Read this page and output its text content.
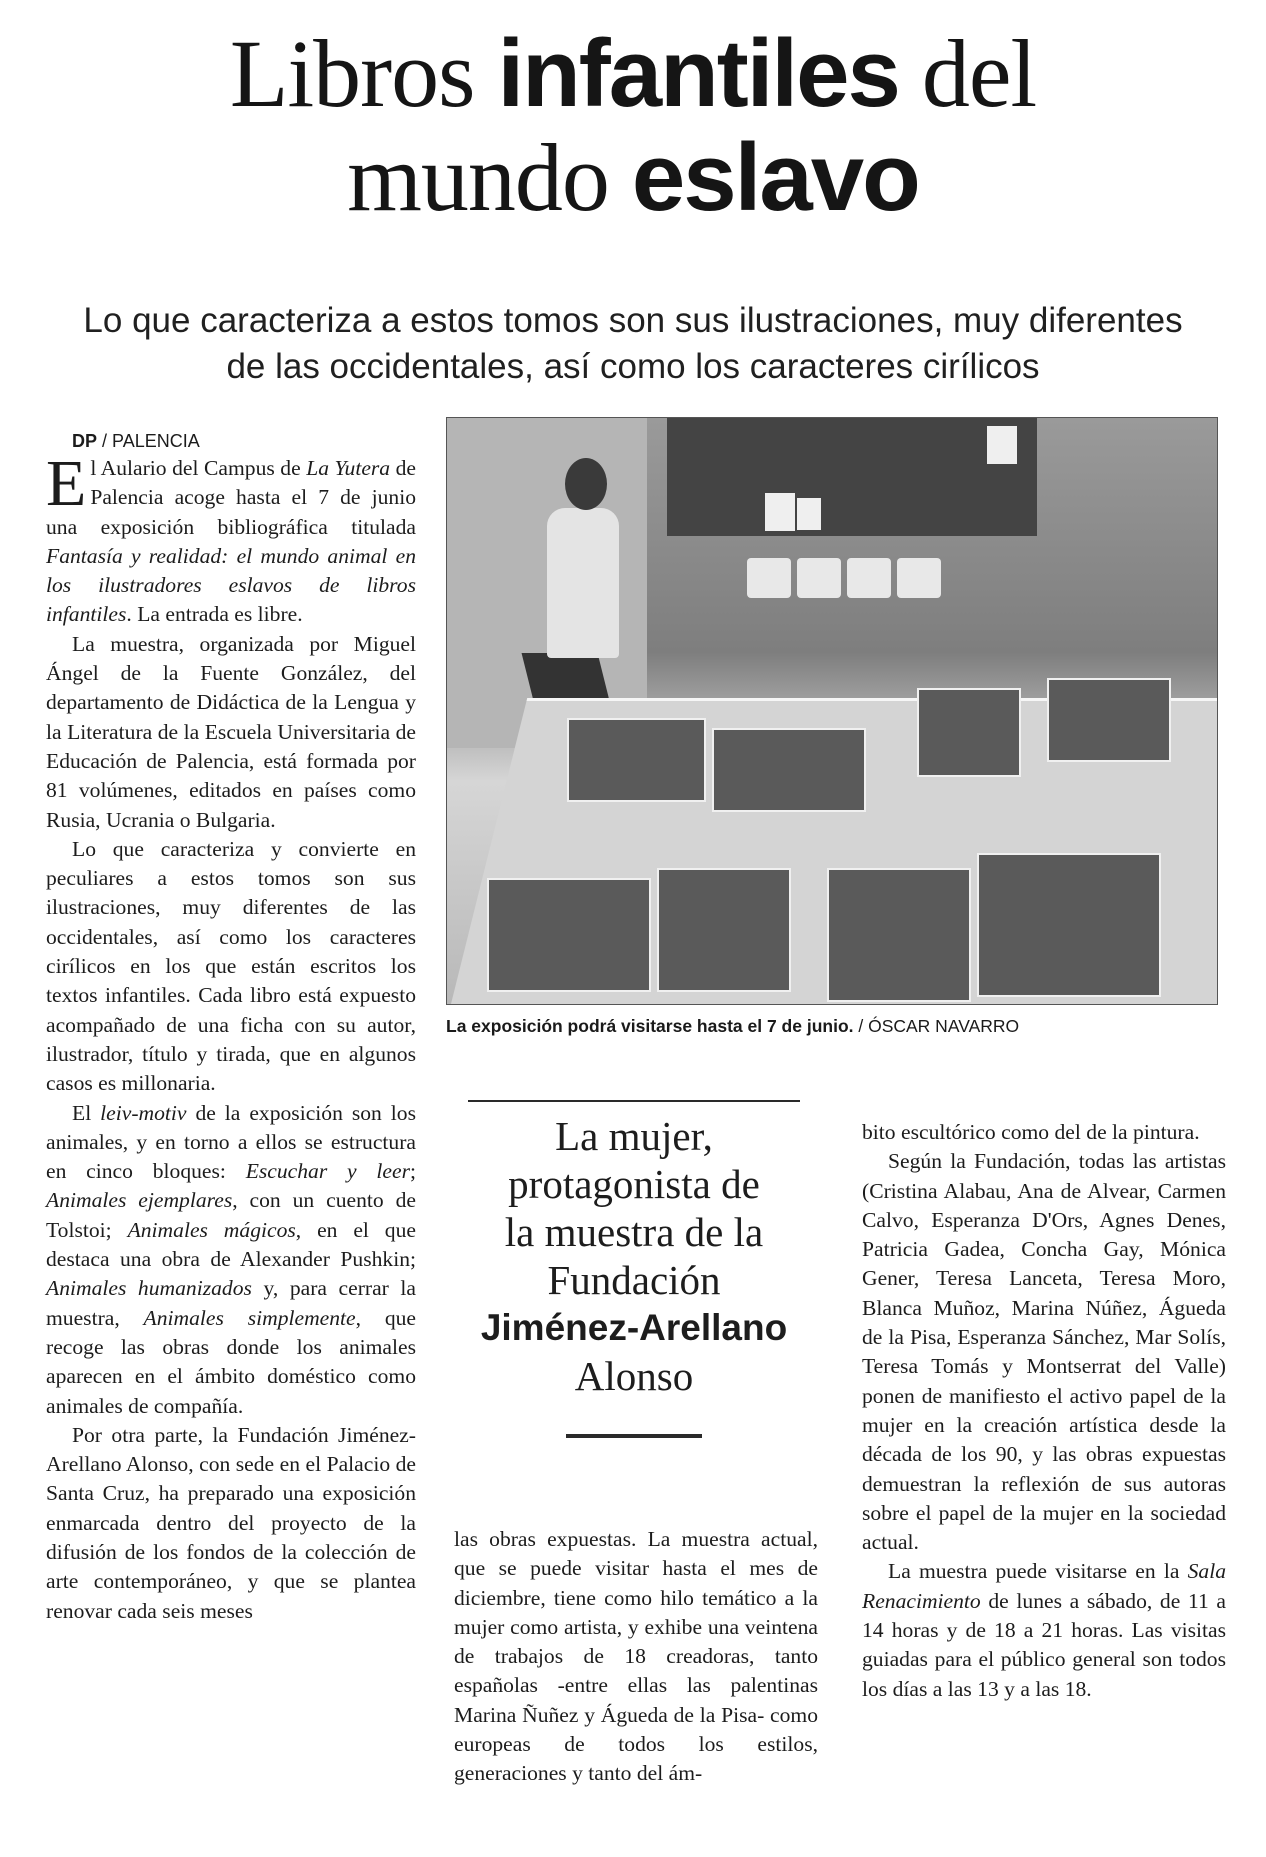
Libros infantiles del
mundo eslavo
Lo que caracteriza a estos tomos son sus ilustraciones, muy diferentes de las occidentales, así como los caracteres cirílicos

DP / PALENCIA

El Aulario del Campus de La Yutera de Palencia acoge hasta el 7 de junio una exposición bibliográfica titulada Fantasía y realidad: el mundo animal en los ilustradores eslavos de libros infantiles. La entrada es libre.

La muestra, organizada por Miguel Ángel de la Fuente González, del departamento de Didáctica de la Lengua y la Literatura de la Escuela Universitaria de Educación de Palencia, está formada por 81 volúmenes, editados en países como Rusia, Ucrania o Bulgaria.

Lo que caracteriza y convierte en peculiares a estos tomos son sus ilustraciones, muy diferentes de las occidentales, así como los caracteres cirílicos en los que están escritos los textos infantiles. Cada libro está expuesto acompañado de una ficha con su autor, ilustrador, título y tirada, que en algunos casos es millonaria.

El leiv-motiv de la exposición son los animales, y en torno a ellos se estructura en cinco bloques: Escuchar y leer; Animales ejemplares, con un cuento de Tolstoi; Animales mágicos, en el que destaca una obra de Alexander Pushkin; Animales humanizados y, para cerrar la muestra, Animales simplemente, que recoge las obras donde los animales aparecen en el ámbito doméstico como animales de compañía.

Por otra parte, la Fundación Jiménez-Arellano Alonso, con sede en el Palacio de Santa Cruz, ha preparado una exposición enmarcada dentro del proyecto de la difusión de los fondos de la colección de arte contemporáneo, y que se plantea renovar cada seis meses

La exposición podrá visitarse hasta el 7 de junio. / ÓSCAR NAVARRO
La mujer,
protagonista de
la muestra de la
Fundación
Jiménez-Arellano
Alonso

las obras expuestas. La muestra actual, que se puede visitar hasta el mes de diciembre, tiene como hilo temático a la mujer como artista, y exhibe una veintena de trabajos de 18 creadoras, tanto españolas -entre ellas las palentinas Marina Ñuñez y Águeda de la Pisa- como europeas de todos los estilos, generaciones y tanto del ám-

bito escultórico como del de la pintura.

Según la Fundación, todas las artistas (Cristina Alabau, Ana de Alvear, Carmen Calvo, Esperanza D'Ors, Agnes Denes, Patricia Gadea, Concha Gay, Mónica Gener, Teresa Lanceta, Teresa Moro, Blanca Muñoz, Marina Núñez, Águeda de la Pisa, Esperanza Sánchez, Mar Solís, Teresa Tomás y Montserrat del Valle) ponen de manifiesto el activo papel de la mujer en la creación artística desde la década de los 90, y las obras expuestas demuestran la reflexión de sus autoras sobre el papel de la mujer en la sociedad actual.

La muestra puede visitarse en la Sala Renacimiento de lunes a sábado, de 11 a 14 horas y de 18 a 21 horas. Las visitas guiadas para el público general son todos los días a las 13 y a las 18.
